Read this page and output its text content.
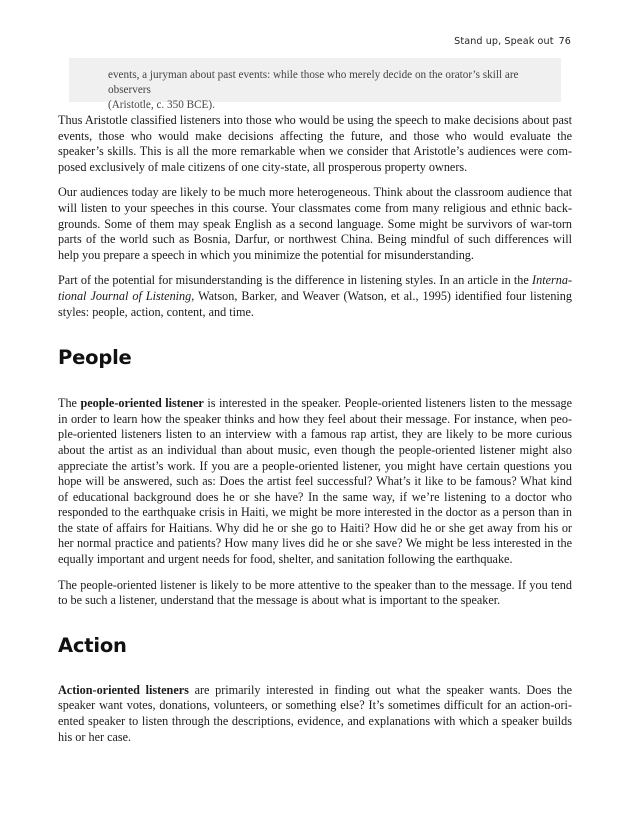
Stand up, Speak out 76
events, a juryman about past events: while those who merely decide on the orator’s skill are observers
(Aristotle, c. 350 BCE).

Thus Aristotle classified listeners into those who would be using the speech to make decisions about past events, those who would make decisions affecting the future, and those who would evaluate the speaker’s skills. This is all the more remarkable when we consider that Aristotle’s audiences were composed exclusively of male citizens of one city-state, all prosperous property owners.

Our audiences today are likely to be much more heterogeneous. Think about the classroom audience that will listen to your speeches in this course. Your classmates come from many religious and ethnic backgrounds. Some of them may speak English as a second language. Some might be survivors of war-torn parts of the world such as Bosnia, Darfur, or northwest China. Being mindful of such differences will help you prepare a speech in which you minimize the potential for misunderstanding.

Part of the potential for misunderstanding is the difference in listening styles. In an article in the International Journal of Listening, Watson, Barker, and Weaver (Watson, et al., 1995) identified four listening styles: people, action, content, and time.

People

The people-oriented listener is interested in the speaker. People-oriented listeners listen to the message in order to learn how the speaker thinks and how they feel about their message. For instance, when people-oriented listeners listen to an interview with a famous rap artist, they are likely to be more curious about the artist as an individual than about music, even though the people-oriented listener might also appreciate the artist’s work. If you are a people-oriented listener, you might have certain questions you hope will be answered, such as: Does the artist feel successful? What’s it like to be famous? What kind of educational background does he or she have? In the same way, if we’re listening to a doctor who responded to the earthquake crisis in Haiti, we might be more interested in the doctor as a person than in the state of affairs for Haitians. Why did he or she go to Haiti? How did he or she get away from his or her normal practice and patients? How many lives did he or she save? We might be less interested in the equally important and urgent needs for food, shelter, and sanitation following the earthquake.

The people-oriented listener is likely to be more attentive to the speaker than to the message. If you tend to be such a listener, understand that the message is about what is important to the speaker.

Action

Action-oriented listeners are primarily interested in finding out what the speaker wants. Does the speaker want votes, donations, volunteers, or something else? It’s sometimes difficult for an action-oriented speaker to listen through the descriptions, evidence, and explanations with which a speaker builds his or her case.
